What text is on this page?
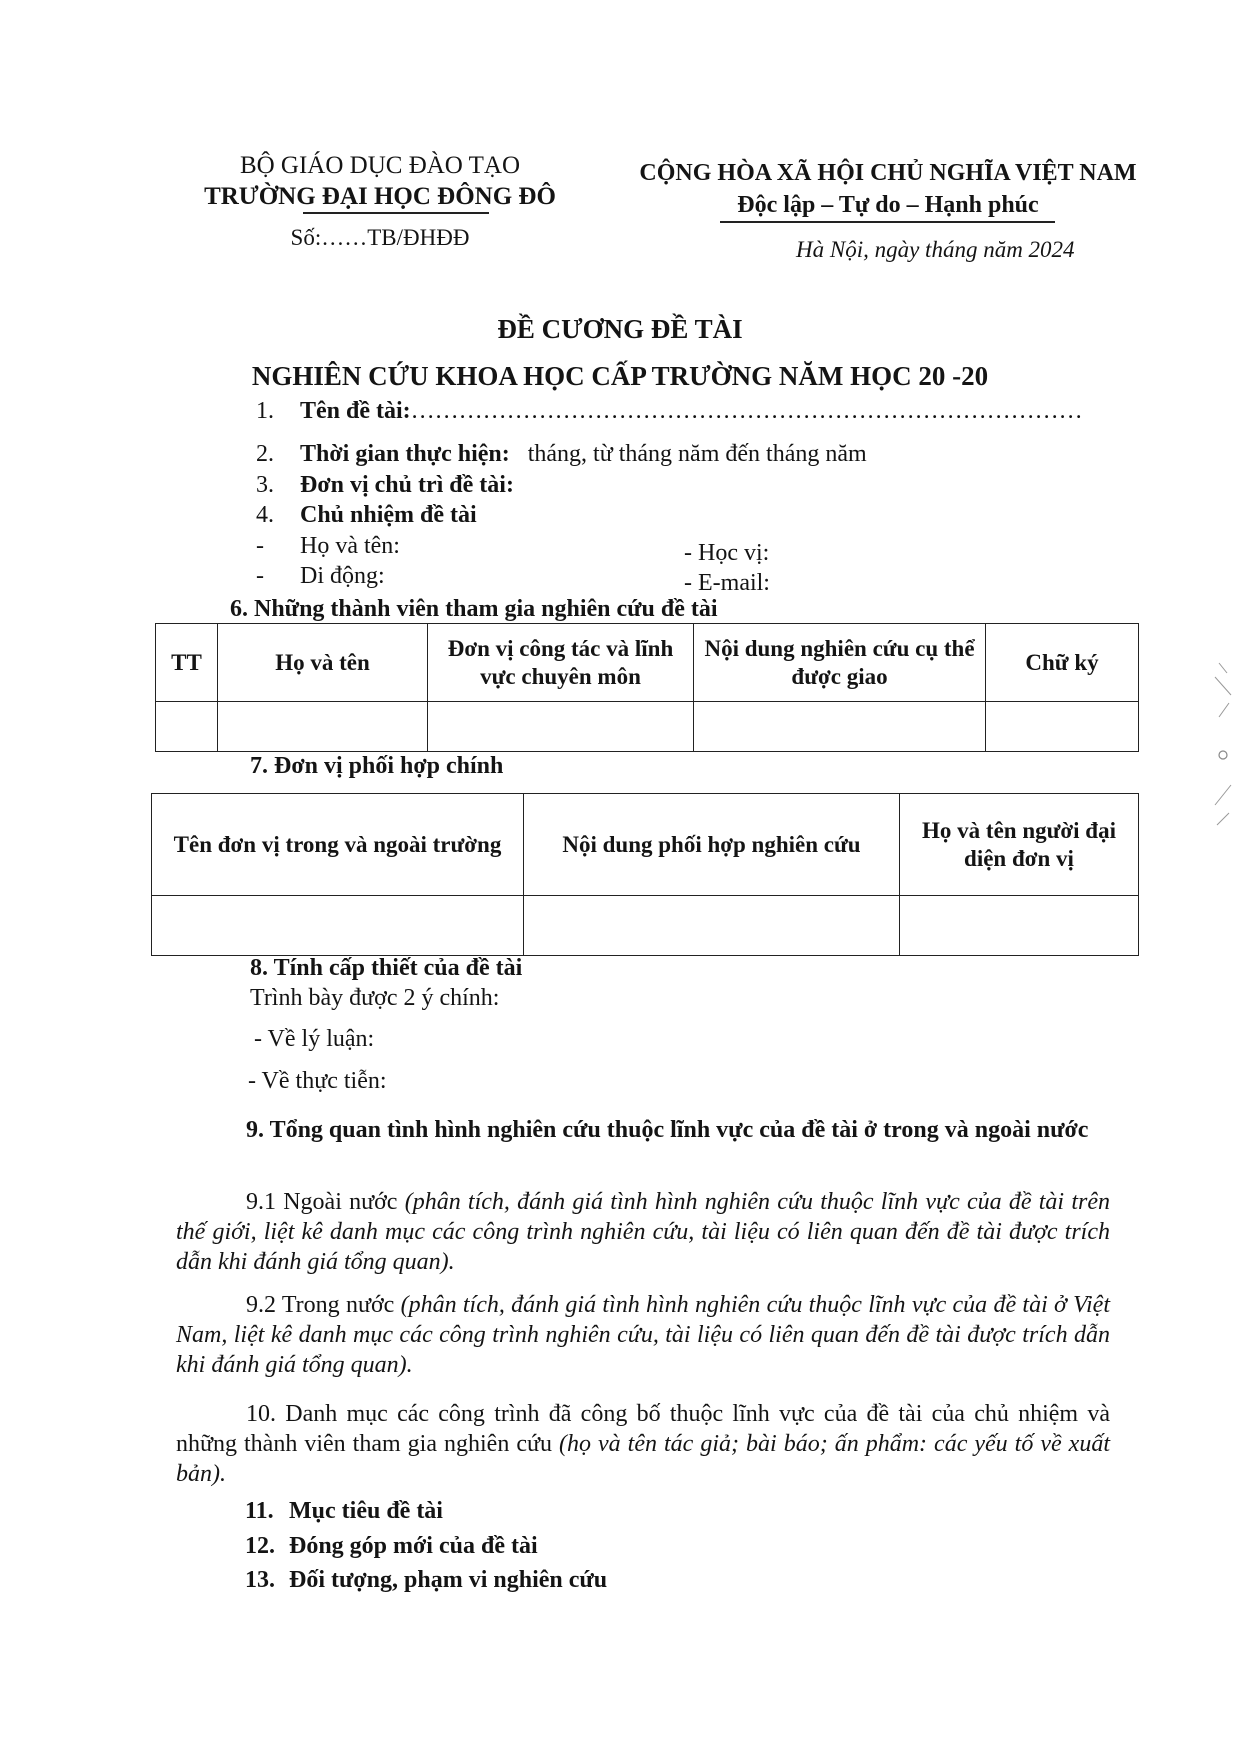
BỘ GIÁO DỤC ĐÀO TẠO
TRƯỜNG ĐẠI HỌC ĐÔNG ĐÔ
Số:……TB/ĐHĐĐ
CỘNG HÒA XÃ HỘI CHỦ NGHĨA VIỆT NAM
Độc lập – Tự do – Hạnh phúc
Hà Nội, ngày tháng năm 2024
ĐỀ CƯƠNG ĐỀ TÀI
NGHIÊN CỨU KHOA HỌC CẤP TRƯỜNG NĂM HỌC 20 -20
1. Tên đề tài:…………………………………………………………………………
2. Thời gian thực hiện: tháng, từ tháng năm đến tháng năm
3. Đơn vị chủ trì đề tài:
4. Chủ nhiệm đề tài
- Họ và tên:	- Học vị:
- Di động:	- E-mail:
6. Những thành viên tham gia nghiên cứu đề tài
TT	Họ và tên	Đơn vị công tác và lĩnh vực chuyên môn	Nội dung nghiên cứu cụ thể được giao	Chữ ký

7. Đơn vị phối hợp chính
Tên đơn vị trong và ngoài trường	Nội dung phối hợp nghiên cứu	Họ và tên người đại diện đơn vị

8. Tính cấp thiết của đề tài
Trình bày được 2 ý chính:
- Về lý luận:
- Về thực tiễn:
9. Tổng quan tình hình nghiên cứu thuộc lĩnh vực của đề tài ở trong và ngoài nước
9.1 Ngoài nước (phân tích, đánh giá tình hình nghiên cứu thuộc lĩnh vực của đề tài trên thế giới, liệt kê danh mục các công trình nghiên cứu, tài liệu có liên quan đến đề tài được trích dẫn khi đánh giá tổng quan).
9.2 Trong nước (phân tích, đánh giá tình hình nghiên cứu thuộc lĩnh vực của đề tài ở Việt Nam, liệt kê danh mục các công trình nghiên cứu, tài liệu có liên quan đến đề tài được trích dẫn khi đánh giá tổng quan).
10. Danh mục các công trình đã công bố thuộc lĩnh vực của đề tài của chủ nhiệm và những thành viên tham gia nghiên cứu (họ và tên tác giả; bài báo; ấn phẩm: các yếu tố về xuất bản).
11. Mục tiêu đề tài
12. Đóng góp mới của đề tài
13. Đối tượng, phạm vi nghiên cứu
